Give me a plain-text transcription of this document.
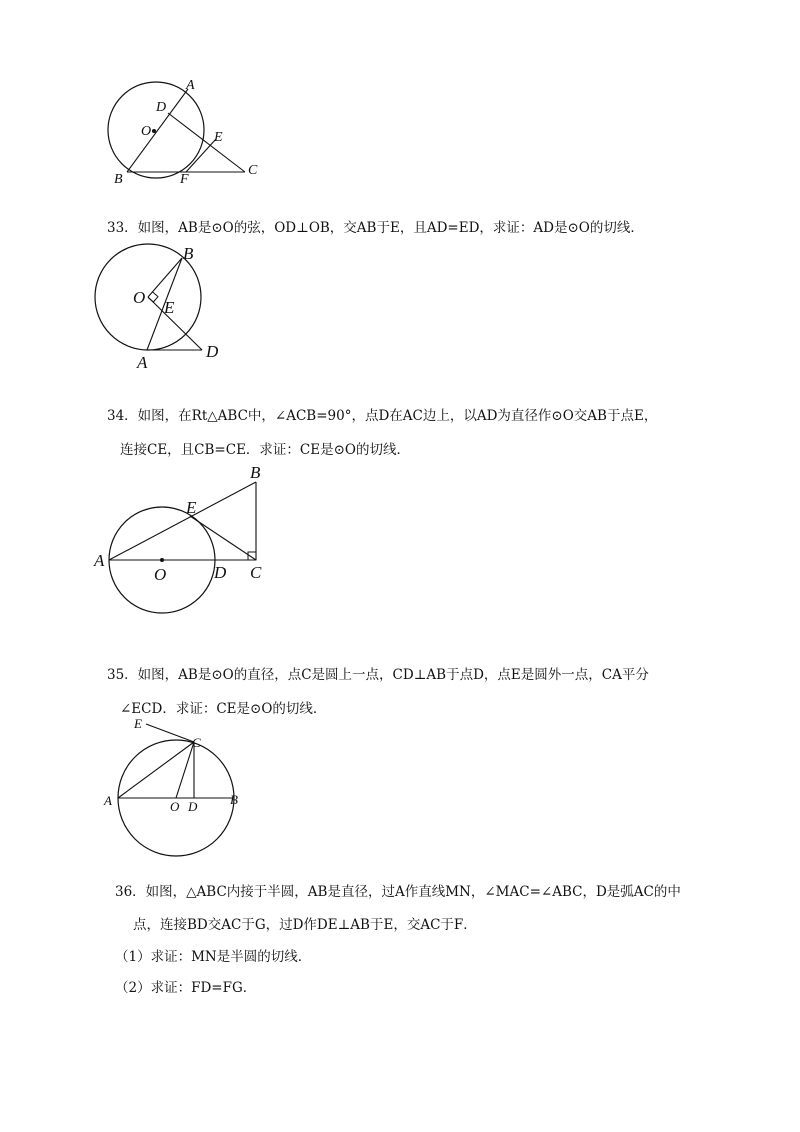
A
D
O	E
C
B	F
33．如图，AB是⊙O的弦，OD⊥OB，交AB于E，且AD=ED，求证：AD是⊙O的切线．
B
O
E
A
D
34．如图，在Rt△ABC中，∠ACB=90°，点D在AC边上，以AD为直径作⊙O交AB于点E，
连接CE，且CB=CE．求证：CE是⊙O的切线．
B
E
A
O	D C
35．如图，AB是⊙O的直径，点C是圆上一点，CD⊥AB于点D，点E是圆外一点，CA平分
∠ECD．求证：CE是⊙O的切线．
E
C
A	O D	B
36．如图，△ABC内接于半圆，AB是直径，过A作直线MN，∠MAC=∠ABC，D是弧AC的中
点，连接BD交AC于G，过D作DE⊥AB于E，交AC于F．
（1）求证：MN是半圆的切线．
（2）求证：FD=FG．
